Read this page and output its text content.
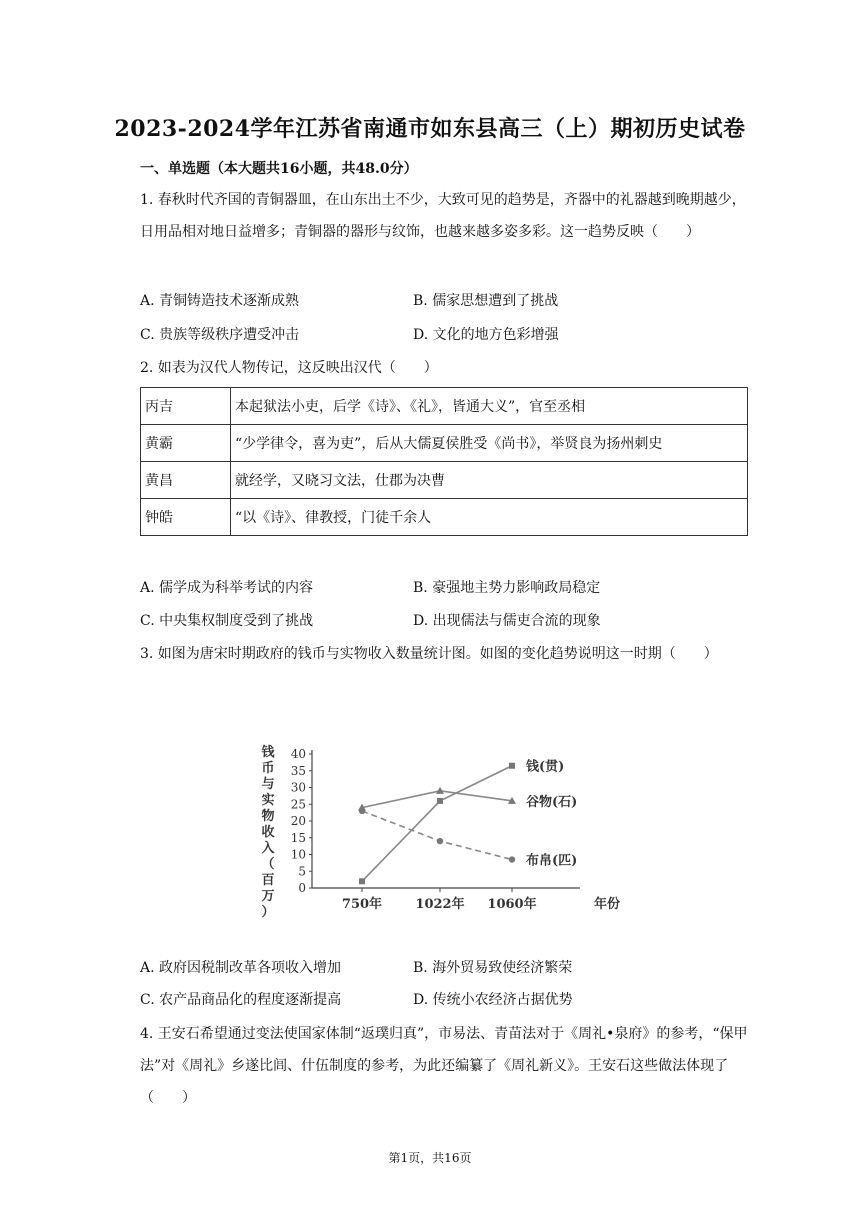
2023-2024学年江苏省南通市如东县高三（上）期初历史试卷
一、单选题（本大题共16小题，共48.0分）

1. 春秋时代齐国的青铜器皿，在山东出土不少，大致可见的趋势是，齐器中的礼器越到晚期越少，日用品相对地日益增多；青铜器的器形与纹饰，也越来越多姿多彩。这一趋势反映（　　）

A. 青铜铸造技术逐渐成熟	B. 儒家思想遭到了挑战
C. 贵族等级秩序遭受冲击	D. 文化的地方色彩增强

2. 如表为汉代人物传记，这反映出汉代（　　）

丙吉	本起狱法小吏，后学《诗》、《礼》，皆通大义”，官至丞相
黄霸	“少学律令，喜为吏”，后从大儒夏侯胜受《尚书》，举贤良为扬州刺史
黄昌	就经学，又晓习文法，仕郡为决曹
钟皓	“以《诗》、律教授，门徒千余人
A. 儒学成为科举考试的内容	B. 豪强地主势力影响政局稳定
C. 中央集权制度受到了挑战	D. 出现儒法与儒吏合流的现象

3. 如图为唐宋时期政府的钱币与实物收入数量统计图。如图的变化趋势说明这一时期（　　）

钱
币
与
实
物
收
入
（
百
万
）
0
5
10
15
20
25
30
35
40
750年	1022年 1060年	年份
钱(贯)
谷物(石)
布帛(匹)
A. 政府因税制改革各项收入增加	B. 海外贸易致使经济繁荣
C. 农产品商品化的程度逐渐提高	D. 传统小农经济占据优势

4. 王安石希望通过变法使国家体制“返璞归真”，市易法、青苗法对于《周礼•泉府》的参考，“保甲法”对《周礼》乡遂比闾、什伍制度的参考，为此还编纂了《周礼新义》。王安石这些做法体现了（　　）

第1页，共16页
